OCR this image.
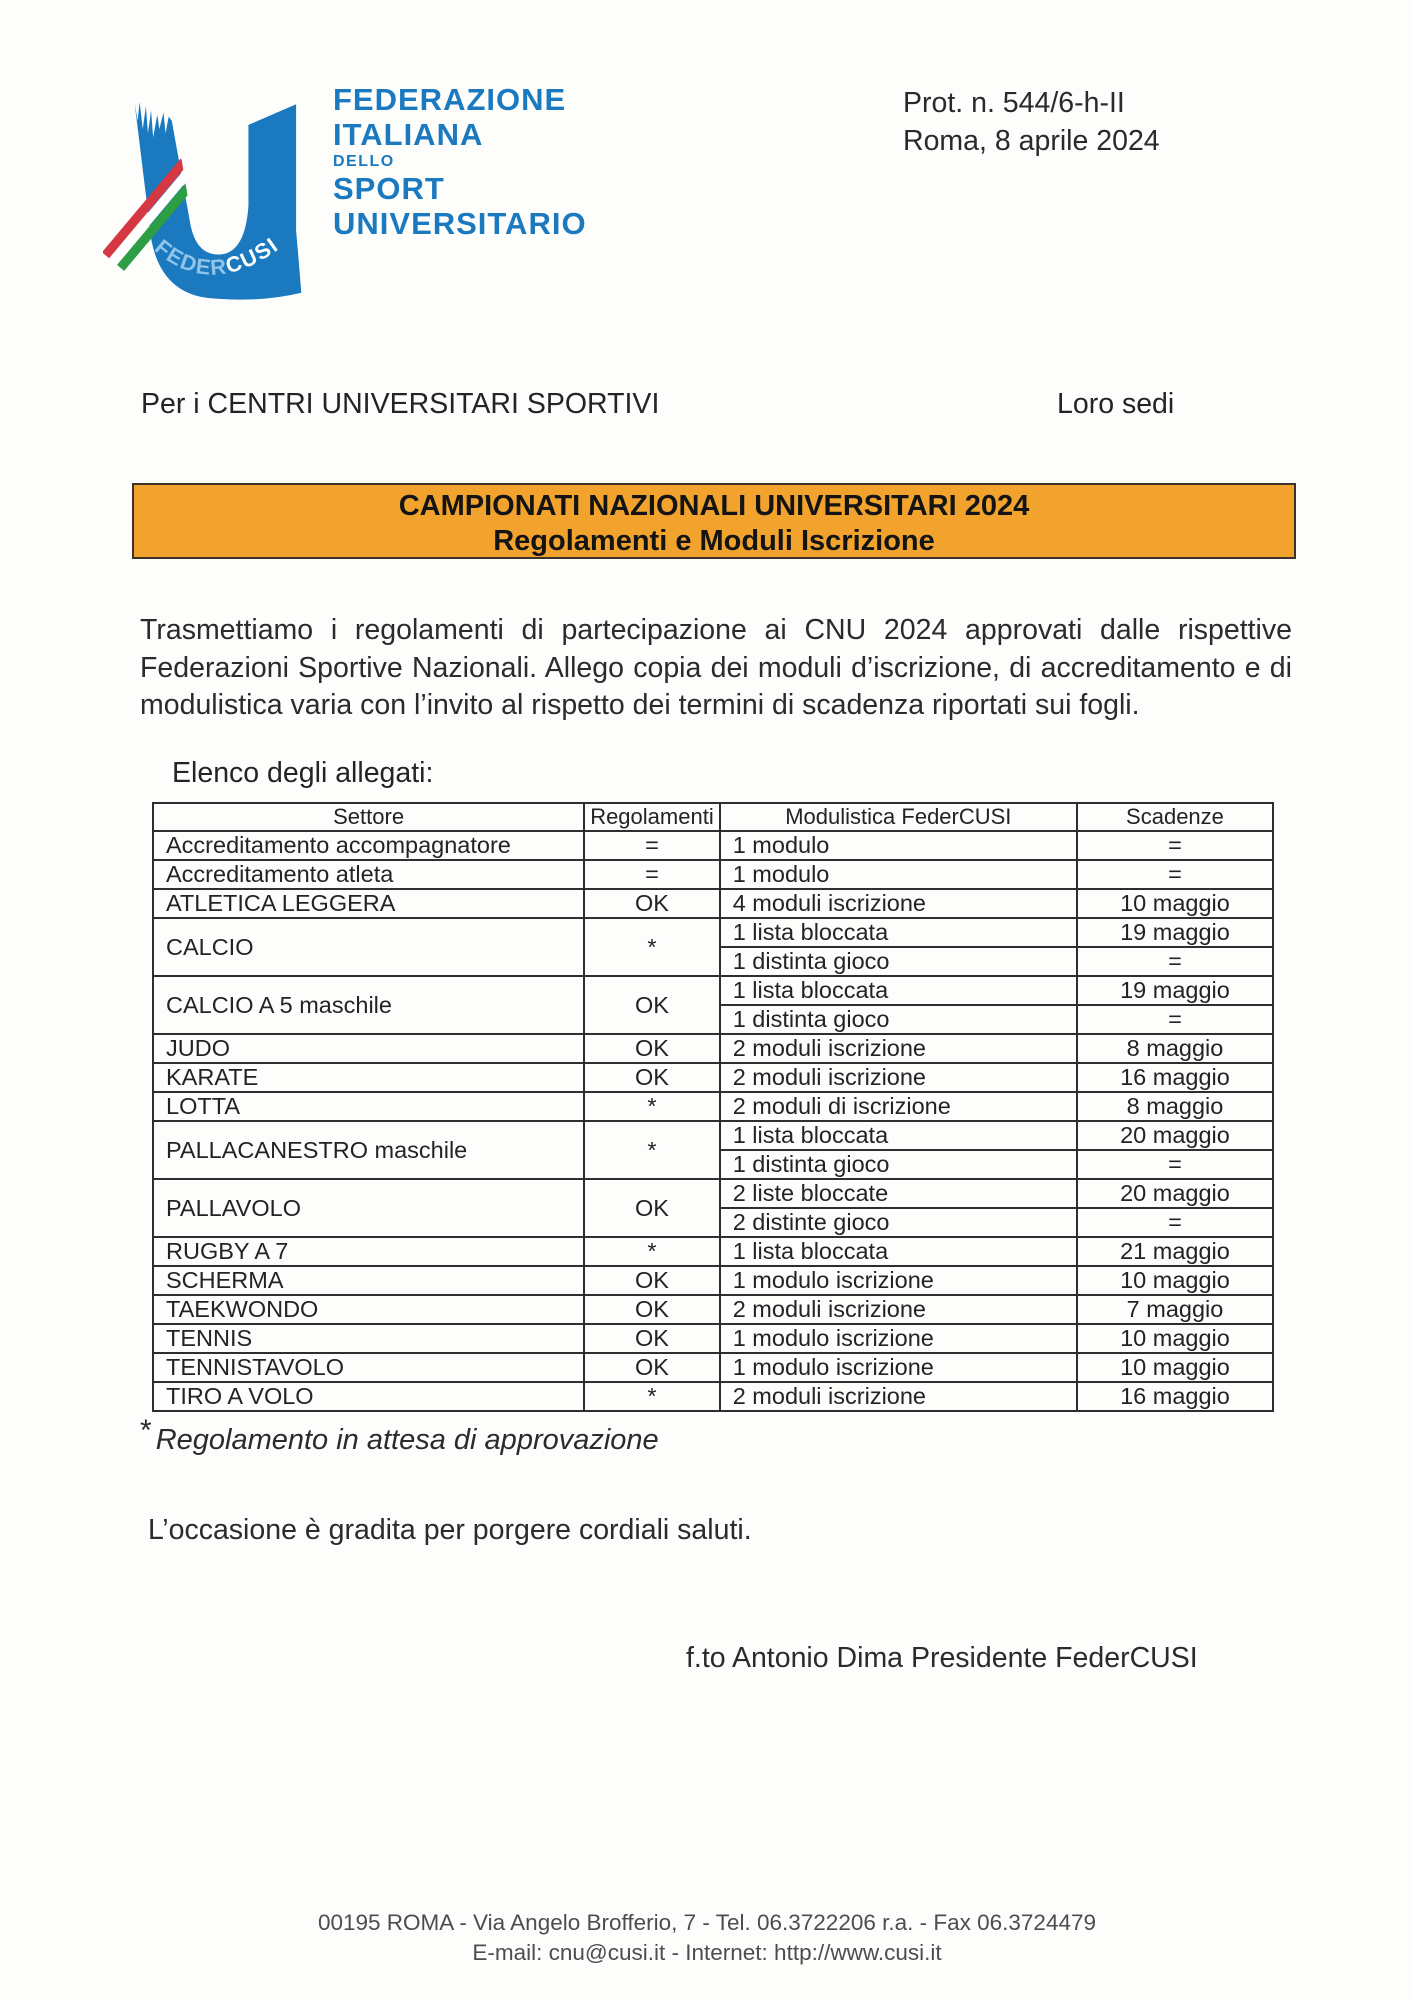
FEDERCUSI
FEDERAZIONE
ITALIANA
DELLO
SPORT
UNIVERSITARIO
Prot. n. 544/6-h-II
Roma, 8 aprile 2024
Per i CENTRI UNIVERSITARI SPORTIVI	Loro sedi
CAMPIONATI NAZIONALI UNIVERSITARI 2024
Regolamenti e Moduli Iscrizione
Trasmettiamo i regolamenti di partecipazione ai CNU 2024 approvati dalle rispettive Federazioni Sportive Nazionali. Allego copia dei moduli d’iscrizione, di accreditamento e di modulistica varia con l’invito al rispetto dei termini di scadenza riportati sui fogli.
Elenco degli allegati:
Settore	Regolamenti	Modulistica FederCUSI	Scadenze
Accreditamento accompagnatore	=	1 modulo	=
Accreditamento atleta	=	1 modulo	=
ATLETICA LEGGERA	OK	4 moduli iscrizione	10 maggio
CALCIO	*	1 lista bloccata	19 maggio
		1 distinta gioco	=
CALCIO A 5 maschile	OK	1 lista bloccata	19 maggio
		1 distinta gioco	=
JUDO	OK	2 moduli iscrizione	8 maggio
KARATE	OK	2 moduli iscrizione	16 maggio
LOTTA	*	2 moduli di iscrizione	8 maggio
PALLACANESTRO maschile	*	1 lista bloccata	20 maggio
		1 distinta gioco	=
PALLAVOLO	OK	2 liste bloccate	20 maggio
		2 distinte gioco	=
RUGBY A 7	*	1 lista bloccata	21 maggio
SCHERMA	OK	1 modulo iscrizione	10 maggio
TAEKWONDO	OK	2 moduli iscrizione	7 maggio
TENNIS	OK	1 modulo iscrizione	10 maggio
TENNISTAVOLO	OK	1 modulo iscrizione	10 maggio
TIRO A VOLO	*	2 moduli iscrizione	16 maggio
* Regolamento in attesa di approvazione
L’occasione è gradita per porgere cordiali saluti.
f.to Antonio Dima Presidente FederCUSI
00195 ROMA - Via Angelo Brofferio, 7 - Tel. 06.3722206 r.a. - Fax 06.3724479
E-mail: cnu@cusi.it - Internet: http://www.cusi.it
